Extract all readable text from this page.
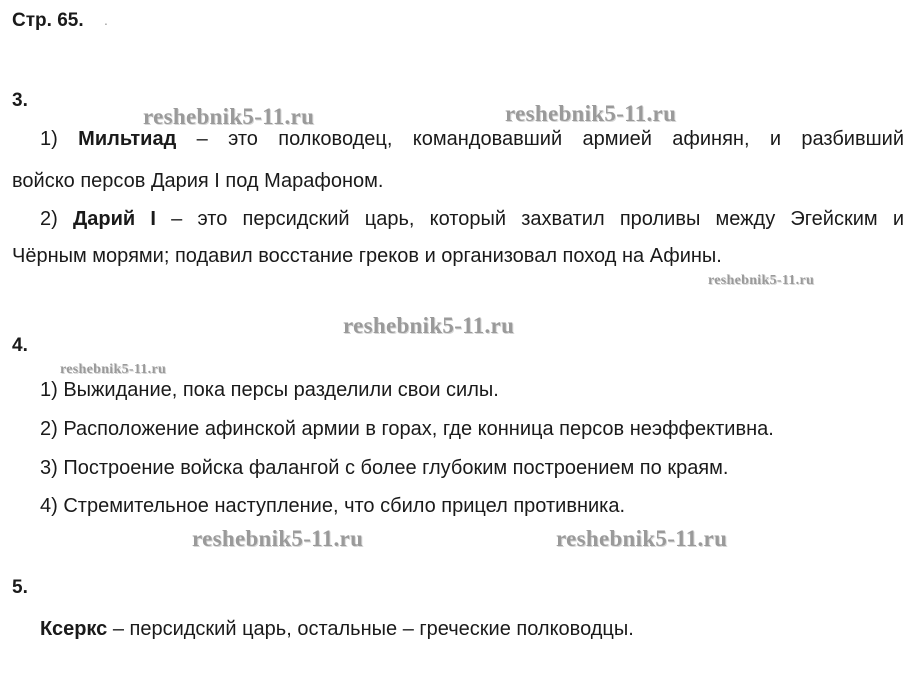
Стр. 65. .
3.
reshebnik5-11.ru	reshebnik5-11.ru
1) Мильтиад – это полководец, командовавший армией афинян, и разбивший
войско персов Дария I под Марафоном.
2) Дарий I – это персидский царь, который захватил проливы между Эгейским и
Чёрным морями; подавил восстание греков и организовал поход на Афины.
reshebnik5-11.ru
reshebnik5-11.ru
4.
reshebnik5-11.ru
1) Выжидание, пока персы разделили свои силы.
2) Расположение афинской армии в горах, где конница персов неэффективна.
3) Построение войска фалангой с более глубоким построением по краям.
4) Стремительное наступление, что сбило прицел противника.
reshebnik5-11.ru	reshebnik5-11.ru
5.
Ксеркс – персидский царь, остальные – греческие полководцы.
